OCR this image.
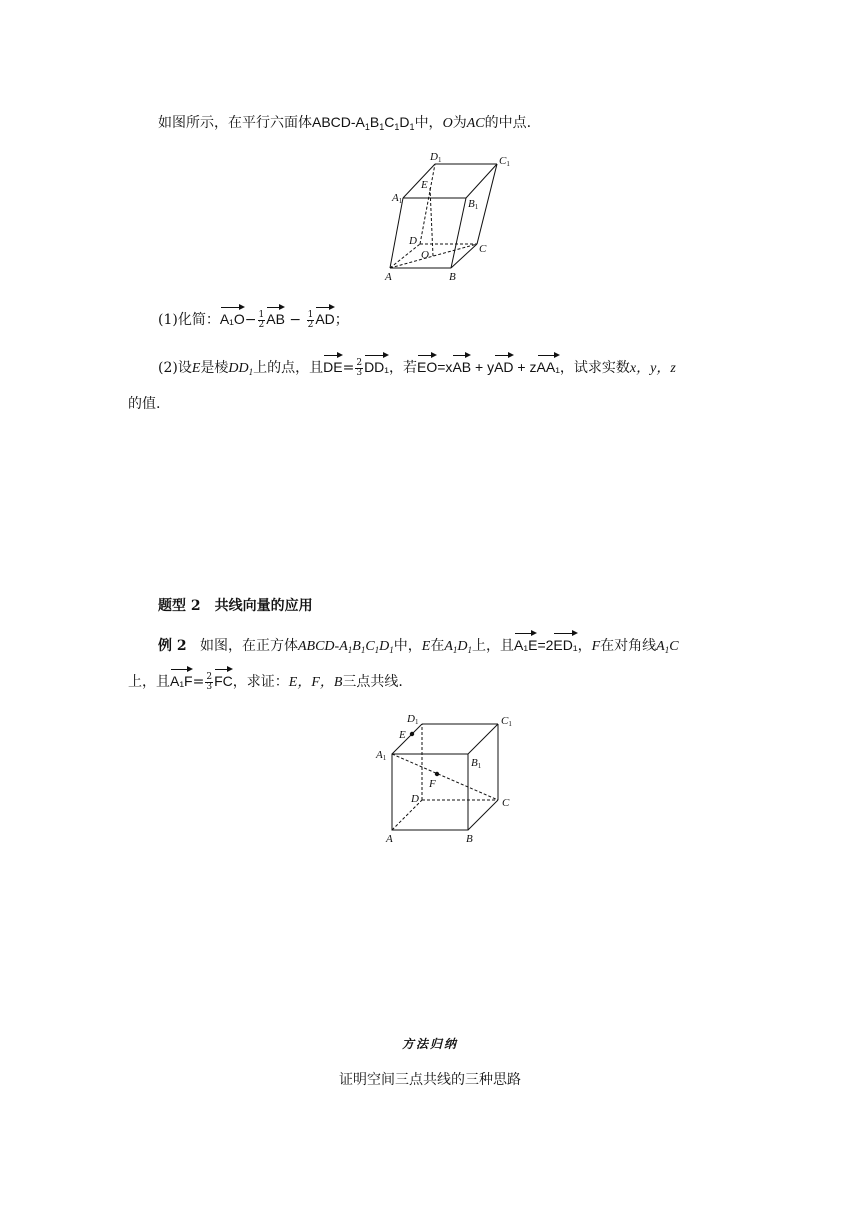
如图所示，在平行六面体ABCD-$A_1B_1C_1D_1$中，O为AC的中点.
D1	C1
E
A1	B1
D
C
O
A	B
(1)化简：$A_1O- \frac{1}{2}$ AB − $\frac{1}{2}$ AD；
(2)设E是棱$DD_1$上的点，且$DE= \frac{2}{3} DD_1$，若EO=xAB + yAD + zAA₁，试求实数x，y，z
的值.
题型 2　共线向量的应用
例 2 如图，在正方体ABCD-$A_1B_1C_1D_1$中，E在$A_1D_1$上，且A₁E=2ED₁，F在对角线$A_1C$
上，且$A_1F= \frac{2}{3}$ FC，求证：E，F，B三点共线.
D1	C1
E
A1	B1
F
D	C
A	B
方法归纳
证明空间三点共线的三种思路
